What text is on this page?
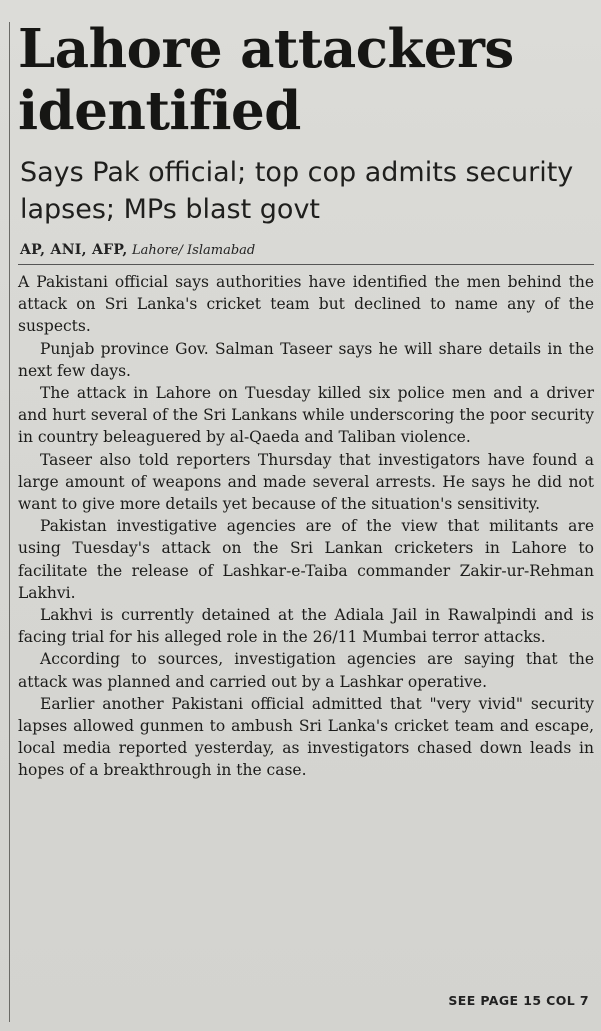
Lahore attackers identified
Says Pak official; top cop admits security lapses; MPs blast govt
AP, ANI, AFP, Lahore/ Islamabad

A Pakistani official says authorities have identified the men behind the attack on Sri Lanka's cricket team but declined to name any of the suspects.

Punjab province Gov. Salman Taseer says he will share details in the next few days.

The attack in Lahore on Tuesday killed six police men and a driver and hurt several of the Sri Lankans while underscoring the poor security in country beleaguered by al-Qaeda and Taliban violence.

Taseer also told reporters Thursday that investigators have found a large amount of weapons and made several arrests. He says he did not want to give more details yet because of the situation's sensitivity.

Pakistan investigative agencies are of the view that militants are using Tuesday's attack on the Sri Lankan cricketers in Lahore to facilitate the release of Lashkar-e-Taiba commander Zakir-ur-Rehman Lakhvi.

Lakhvi is currently detained at the Adiala Jail in Rawalpindi and is facing trial for his alleged role in the 26/11 Mumbai terror attacks.

According to sources, investigation agencies are saying that the attack was planned and carried out by a Lashkar operative.

Earlier another Pakistani official admitted that "very vivid" security lapses allowed gunmen to ambush Sri Lanka's cricket team and escape, local media reported yesterday, as investigators chased down leads in hopes of a breakthrough in the case.

SEE PAGE 15 COL 7
